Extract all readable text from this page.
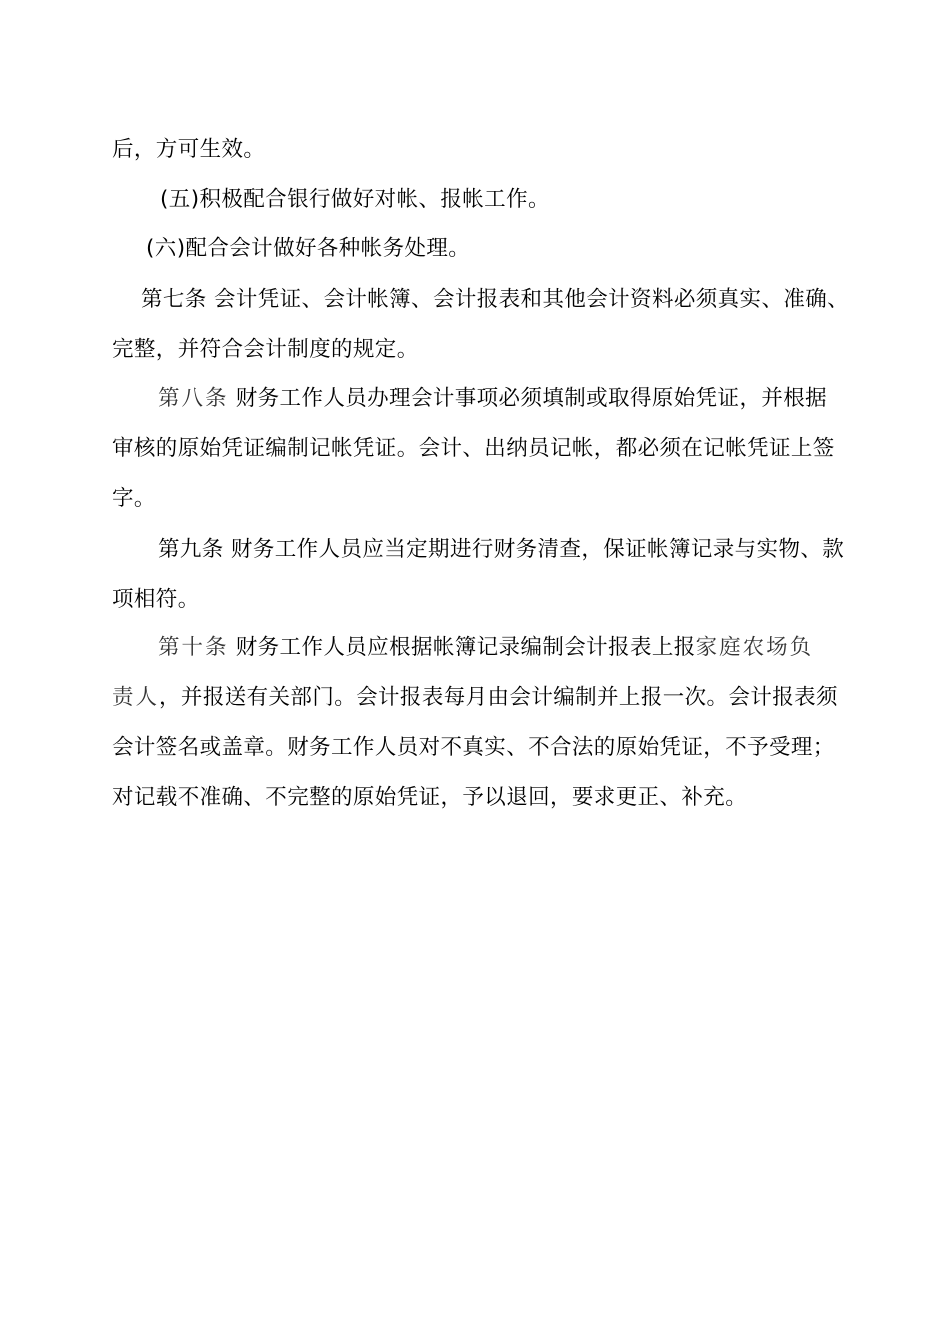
后，方可生效。
(五)积极配合银行做好对帐、报帐工作。
(六)配合会计做好各种帐务处理。
第七条 会计凭证、会计帐簿、会计报表和其他会计资料必须真实、准确、
完整，并符合会计制度的规定。
第八条 财务工作人员办理会计事项必须填制或取得原始凭证，并根据
审核的原始凭证编制记帐凭证。会计、出纳员记帐，都必须在记帐凭证上签
字。
第九条 财务工作人员应当定期进行财务清查，保证帐簿记录与实物、款
项相符。
第十条 财务工作人员应根据帐簿记录编制会计报表上报家庭农场负
责人，并报送有关部门。会计报表每月由会计编制并上报一次。会计报表须
会计签名或盖章。财务工作人员对不真实、不合法的原始凭证，不予受理；
对记载不准确、不完整的原始凭证，予以退回，要求更正、补充。
